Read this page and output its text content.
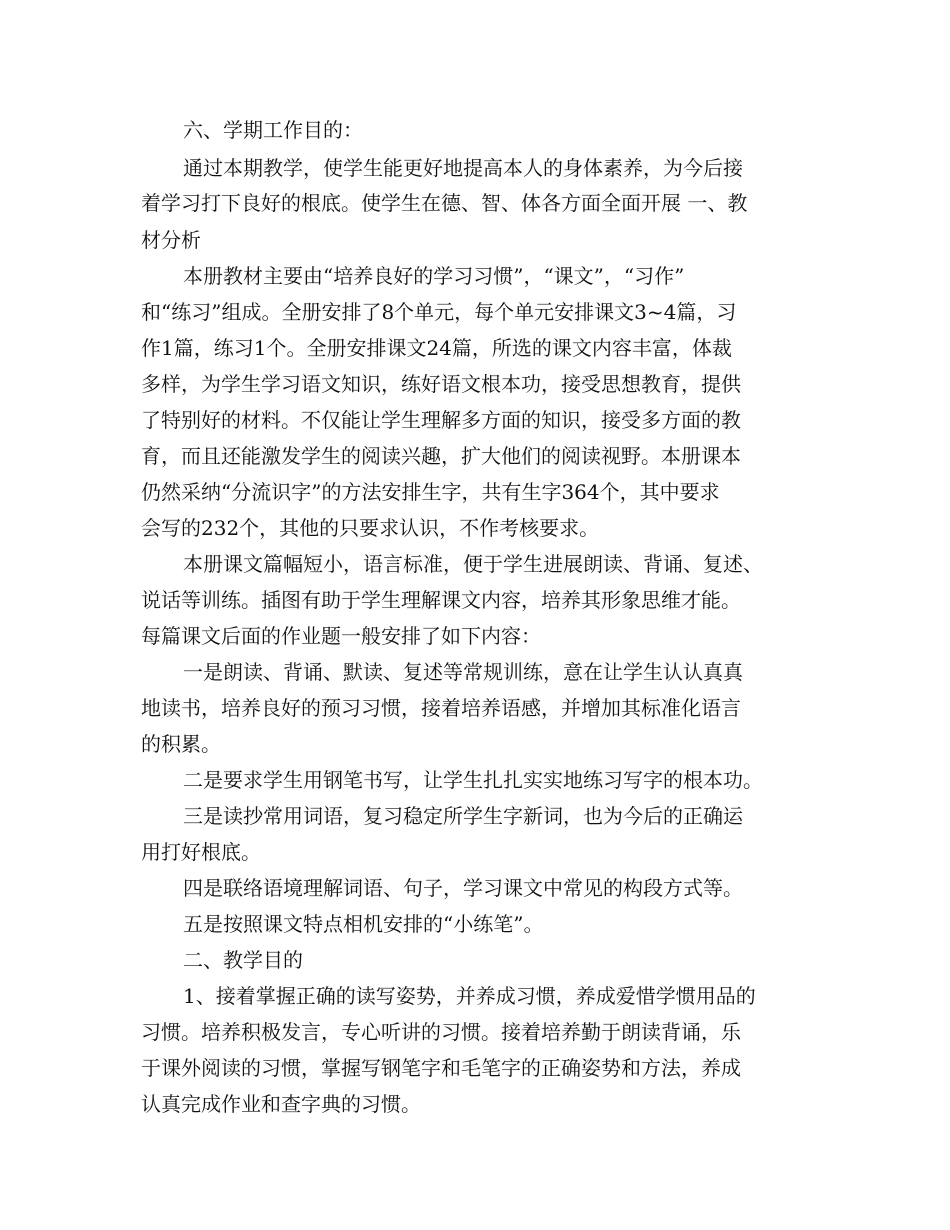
六、学期工作目的：
通过本期教学，使学生能更好地提高本人的身体素养，为今后接
着学习打下良好的根底。使学生在德、智、体各方面全面开展 一、教
材分析
本册教材主要由“培养良好的学习习惯”，“课文”，“习作”
和“练习”组成。全册安排了8个单元，每个单元安排课文3~4篇，习
作1篇，练习1个。全册安排课文24篇，所选的课文内容丰富，体裁
多样，为学生学习语文知识，练好语文根本功，接受思想教育，提供
了特别好的材料。不仅能让学生理解多方面的知识，接受多方面的教
育，而且还能激发学生的阅读兴趣，扩大他们的阅读视野。本册课本
仍然采纳“分流识字”的方法安排生字，共有生字364个，其中要求
会写的232个，其他的只要求认识，不作考核要求。
本册课文篇幅短小，语言标准，便于学生进展朗读、背诵、复述、
说话等训练。插图有助于学生理解课文内容，培养其形象思维才能。
每篇课文后面的作业题一般安排了如下内容：
一是朗读、背诵、默读、复述等常规训练，意在让学生认认真真
地读书，培养良好的预习习惯，接着培养语感，并增加其标准化语言
的积累。
二是要求学生用钢笔书写，让学生扎扎实实地练习写字的根本功。
三是读抄常用词语，复习稳定所学生字新词，也为今后的正确运
用打好根底。
四是联络语境理解词语、句子，学习课文中常见的构段方式等。
五是按照课文特点相机安排的“小练笔”。
二、教学目的
1、接着掌握正确的读写姿势，并养成习惯，养成爱惜学惯用品的
习惯。培养积极发言，专心听讲的习惯。接着培养勤于朗读背诵，乐
于课外阅读的习惯，掌握写钢笔字和毛笔字的正确姿势和方法，养成
认真完成作业和查字典的习惯。
